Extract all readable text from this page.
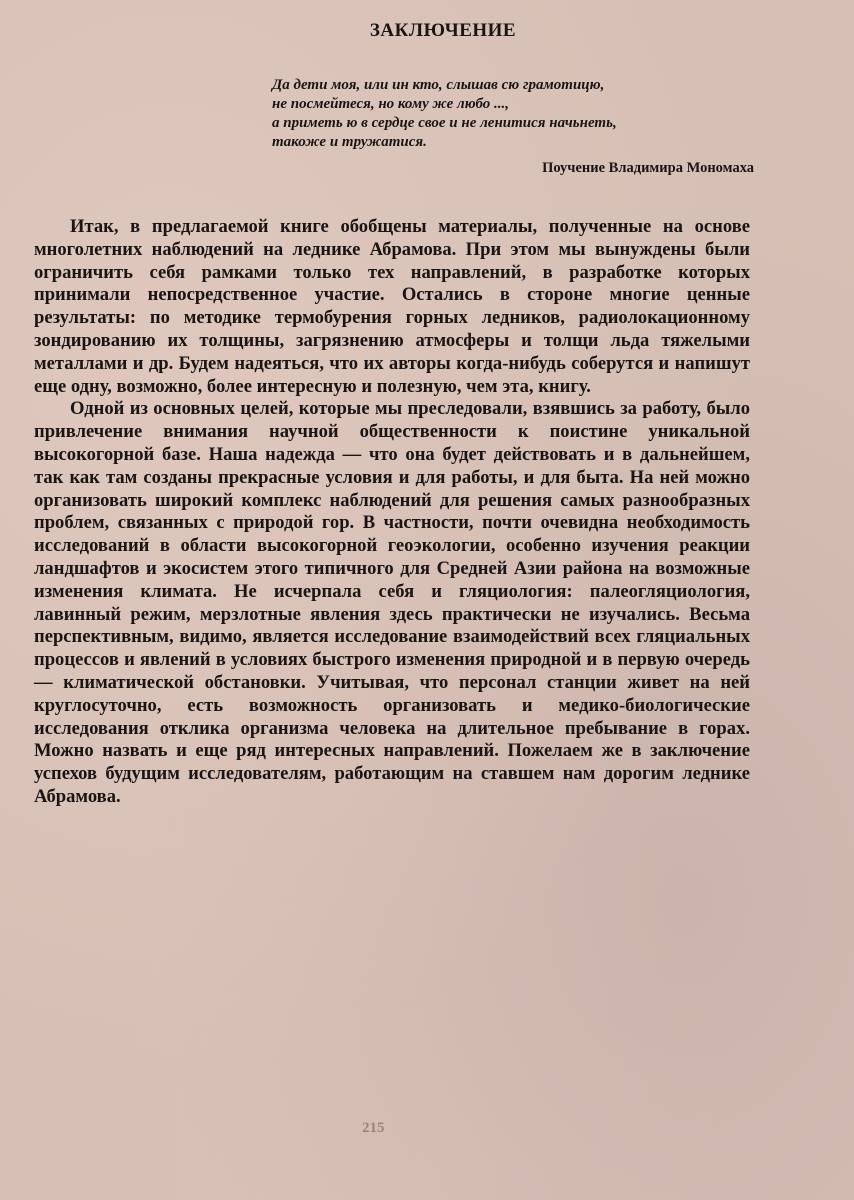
ЗАКЛЮЧЕНИЕ
Да дети моя, или ин кто, слышав сю грамотицю,
не посмейтеся, но кому же любо ...,
а приметь ю в сердце свое и не ленитися начьнеть,
такоже и тружатися.
Поучение Владимира Мономаха

Итак, в предлагаемой книге обобщены материалы, полученные на основе многолетних наблюдений на леднике Абрамова. При этом мы вынуждены были ограничить себя рамками только тех направлений, в разработке которых принимали непосредственное участие. Остались в стороне многие ценные результаты: по методике термобурения горных ледников, радиолокационному зондированию их толщины, загрязнению атмосферы и толщи льда тяжелыми металлами и др. Будем надеяться, что их авторы когда-нибудь соберутся и напишут еще одну, возможно, более интересную и полезную, чем эта, книгу.

Одной из основных целей, которые мы преследовали, взявшись за работу, было привлечение внимания научной общественности к поистине уникальной высокогорной базе. Наша надежда — что она будет действовать и в дальнейшем, так как там созданы прекрасные условия и для работы, и для быта. На ней можно организовать широкий комплекс наблюдений для решения самых разнообразных проблем, связанных с природой гор. В частности, почти очевидна необходимость исследований в области высокогорной геоэкологии, особенно изучения реакции ландшафтов и экосистем этого типичного для Средней Азии района на возможные изменения климата. Не исчерпала себя и гляциология: палеогляциология, лавинный режим, мерзлотные явления здесь практически не изучались. Весьма перспективным, видимо, является исследование взаимодействий всех гляциальных процессов и явлений в условиях быстрого изменения природной и в первую очередь — климатической обстановки. Учитывая, что персонал станции живет на ней круглосуточно, есть возможность организовать и медико-биологические исследования отклика организма человека на длительное пребывание в горах. Можно назвать и еще ряд интересных направлений. Пожелаем же в заключение успехов будущим исследователям, работающим на ставшем нам дорогим леднике Абрамова.

215
